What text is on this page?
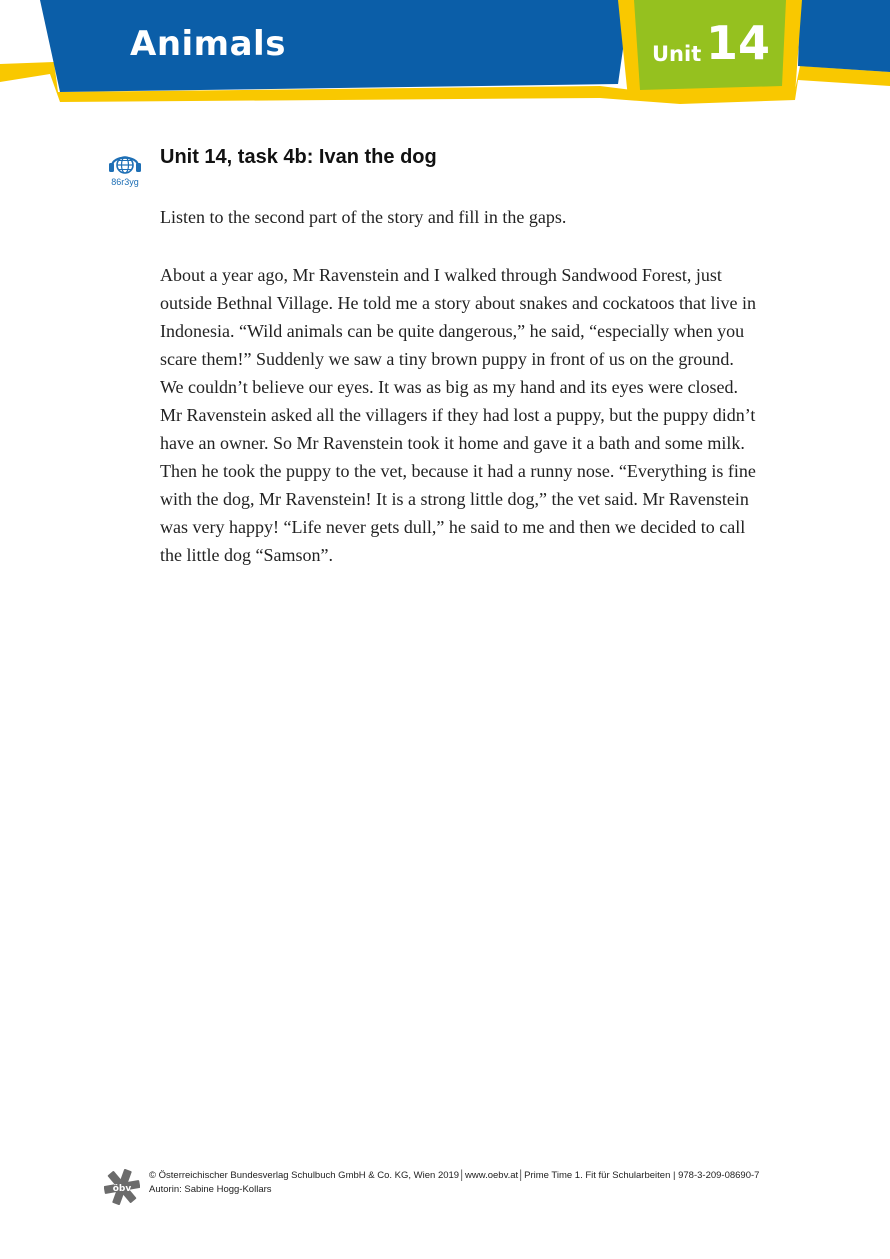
Animals	Unit 14
86r3yg
Unit 14, task 4b: Ivan the dog
Listen to the second part of the story and fill in the gaps.

About a year ago, Mr Ravenstein and I walked through Sandwood Forest, just
outside Bethnal Village. He told me a story about snakes and cockatoos that live in
Indonesia. “Wild animals can be quite dangerous,” he said, “especially when you
scare them!” Suddenly we saw a tiny brown puppy in front of us on the ground.
We couldn’t believe our eyes. It was as big as my hand and its eyes were closed.
Mr Ravenstein asked all the villagers if they had lost a puppy, but the puppy didn’t
have an owner. So Mr Ravenstein took it home and gave it a bath and some milk.
Then he took the puppy to the vet, because it had a runny nose. “Everything is fine
with the dog, Mr Ravenstein! It is a strong little dog,” the vet said. Mr Ravenstein
was very happy! “Life never gets dull,” he said to me and then we decided to call
the little dog “Samson”.

öbv
© Österreichischer Bundesverlag Schulbuch GmbH & Co. KG, Wien 2019│www.oebv.at│Prime Time 1. Fit für Schularbeiten | 978-3-209-08690-7
Autorin: Sabine Hogg-Kollars
